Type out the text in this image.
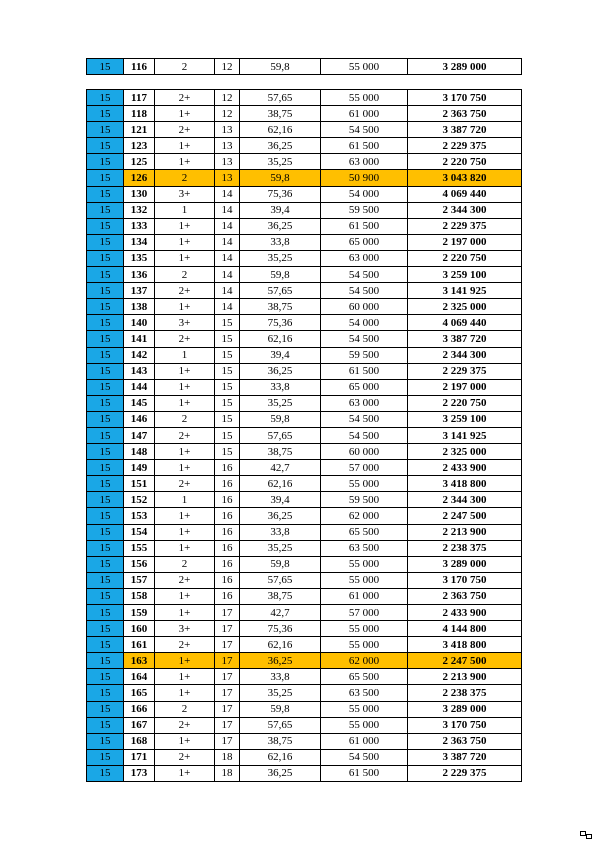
15	116	2	12	59,8	55 000	3 289 000
15	117	2+	12	57,65	55 000	3 170 750
15	118	1+	12	38,75	61 000	2 363 750
15	121	2+	13	62,16	54 500	3 387 720
15	123	1+	13	36,25	61 500	2 229 375
15	125	1+	13	35,25	63 000	2 220 750
15	126	2	13	59,8	50 900	3 043 820
15	130	3+	14	75,36	54 000	4 069 440
15	132	1	14	39,4	59 500	2 344 300
15	133	1+	14	36,25	61 500	2 229 375
15	134	1+	14	33,8	65 000	2 197 000
15	135	1+	14	35,25	63 000	2 220 750
15	136	2	14	59,8	54 500	3 259 100
15	137	2+	14	57,65	54 500	3 141 925
15	138	1+	14	38,75	60 000	2 325 000
15	140	3+	15	75,36	54 000	4 069 440
15	141	2+	15	62,16	54 500	3 387 720
15	142	1	15	39,4	59 500	2 344 300
15	143	1+	15	36,25	61 500	2 229 375
15	144	1+	15	33,8	65 000	2 197 000
15	145	1+	15	35,25	63 000	2 220 750
15	146	2	15	59,8	54 500	3 259 100
15	147	2+	15	57,65	54 500	3 141 925
15	148	1+	15	38,75	60 000	2 325 000
15	149	1+	16	42,7	57 000	2 433 900
15	151	2+	16	62,16	55 000	3 418 800
15	152	1	16	39,4	59 500	2 344 300
15	153	1+	16	36,25	62 000	2 247 500
15	154	1+	16	33,8	65 500	2 213 900
15	155	1+	16	35,25	63 500	2 238 375
15	156	2	16	59,8	55 000	3 289 000
15	157	2+	16	57,65	55 000	3 170 750
15	158	1+	16	38,75	61 000	2 363 750
15	159	1+	17	42,7	57 000	2 433 900
15	160	3+	17	75,36	55 000	4 144 800
15	161	2+	17	62,16	55 000	3 418 800
15	163	1+	17	36,25	62 000	2 247 500
15	164	1+	17	33,8	65 500	2 213 900
15	165	1+	17	35,25	63 500	2 238 375
15	166	2	17	59,8	55 000	3 289 000
15	167	2+	17	57,65	55 000	3 170 750
15	168	1+	17	38,75	61 000	2 363 750
15	171	2+	18	62,16	54 500	3 387 720
15	173	1+	18	36,25	61 500	2 229 375
